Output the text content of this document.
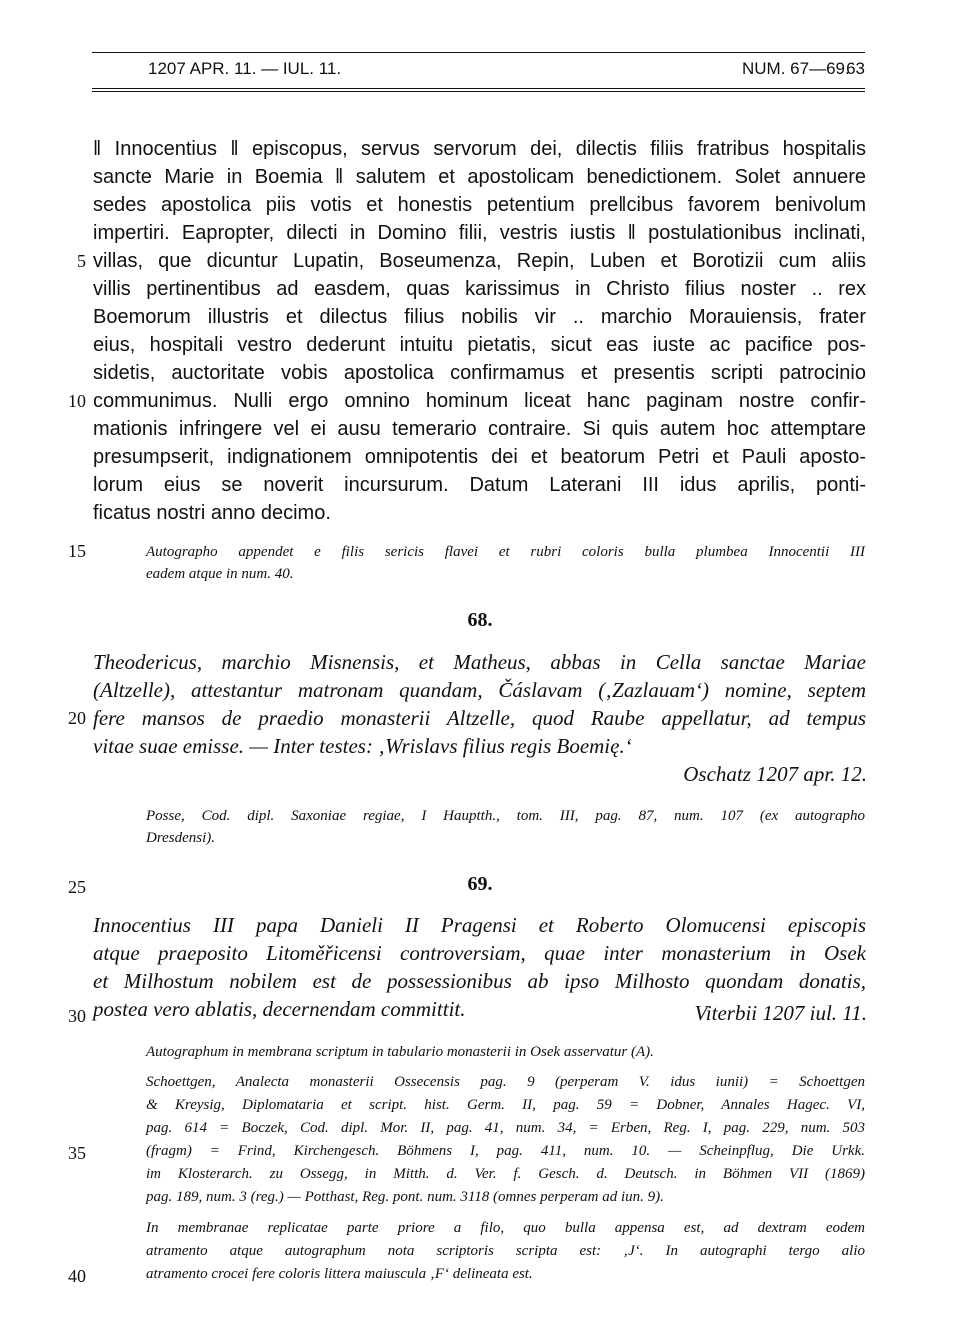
1207 APR. 11. — IUL. 11.	NUM. 67—69.
63
‖ Innocentius ‖ episcopus, servus servorum dei, dilectis filiis fratribus hospitalis
sancte Marie in Boemia ‖ salutem et apostolicam benedictionem. Solet annuere
sedes apostolica piis votis et honestis petentium pre‖cibus favorem benivolum
impertiri. Eapropter, dilecti in Domino filii, vestris iustis ‖ postulationibus inclinati,
villas, que dicuntur Lupatin, Boseumenza, Repin, Luben et Borotizii cum aliis
villis pertinentibus ad easdem, quas karissimus in Christo filius noster .. rex
Boemorum illustris et dilectus filius nobilis vir .. marchio Morauiensis, frater
eius, hospitali vestro dederunt intuitu pietatis, sicut eas iuste ac pacifice pos-
sidetis, auctoritate vobis apostolica confirmamus et presentis scripti patrocinio
communimus. Nulli ergo omnino hominum liceat hanc paginam nostre confir-
mationis infringere vel ei ausu temerario contraire. Si quis autem hoc attemptare
presumpserit, indignationem omnipotentis dei et beatorum Petri et Pauli aposto-
lorum eius se noverit incursurum. Datum Laterani III idus aprilis, ponti-
ficatus nostri anno decimo.
Autographo appendet e filis sericis flavei et rubri coloris bulla plumbea Innocentii III
eadem atque in num. 40.
68.
Theodericus, marchio Misnensis, et Matheus, abbas in Cella sanctae Mariae
(Altzelle), attestantur matronam quandam, Čáslavam (‚Zazlauam‘) nomine, septem
fere mansos de praedio monasterii Altzelle, quod Raube appellatur, ad tempus
vitae suae emisse. — Inter testes: ‚Wrislavs filius regis Boemię.‘
Oschatz 1207 apr. 12.
Posse, Cod. dipl. Saxoniae regiae, I Hauptth., tom. III, pag. 87, num. 107 (ex autographo
Dresdensi).
69.
Innocentius III papa Danieli II Pragensi et Roberto Olomucensi episcopis
atque praeposito Litoměřicensi controversiam, quae inter monasterium in Osek
et Milhostum nobilem est de possessionibus ab ipso Milhosto quondam donatis,
postea vero ablatis, decernendam committit.	Viterbii 1207 iul. 11.
Autographum in membrana scriptum in tabulario monasterii in Osek asservatur (A).
Schoettgen, Analecta monasterii Ossecensis pag. 9 (perperam V. idus iunii) = Schoettgen
& Kreysig, Diplomataria et script. hist. Germ. II, pag. 59 = Dobner, Annales Hagec. VI,
pag. 614 = Boczek, Cod. dipl. Mor. II, pag. 41, num. 34, = Erben, Reg. I, pag. 229, num. 503
(fragm) = Frind, Kirchengesch. Böhmens I, pag. 411, num. 10. — Scheinpflug, Die Urkk.
im Klosterarch. zu Ossegg, in Mitth. d. Ver. f. Gesch. d. Deutsch. in Böhmen VII (1869)
pag. 189, num. 3 (reg.) — Potthast, Reg. pont. num. 3118 (omnes perperam ad iun. 9).
In membranae replicatae parte priore a filo, quo bulla appensa est, ad dextram eodem
atramento atque autographum nota scriptoris scripta est: ‚J‘. In autographi tergo alio
atramento crocei fere coloris littera maiuscula ‚F‘ delineata est.
5
10
15
20
25
30
35
40
